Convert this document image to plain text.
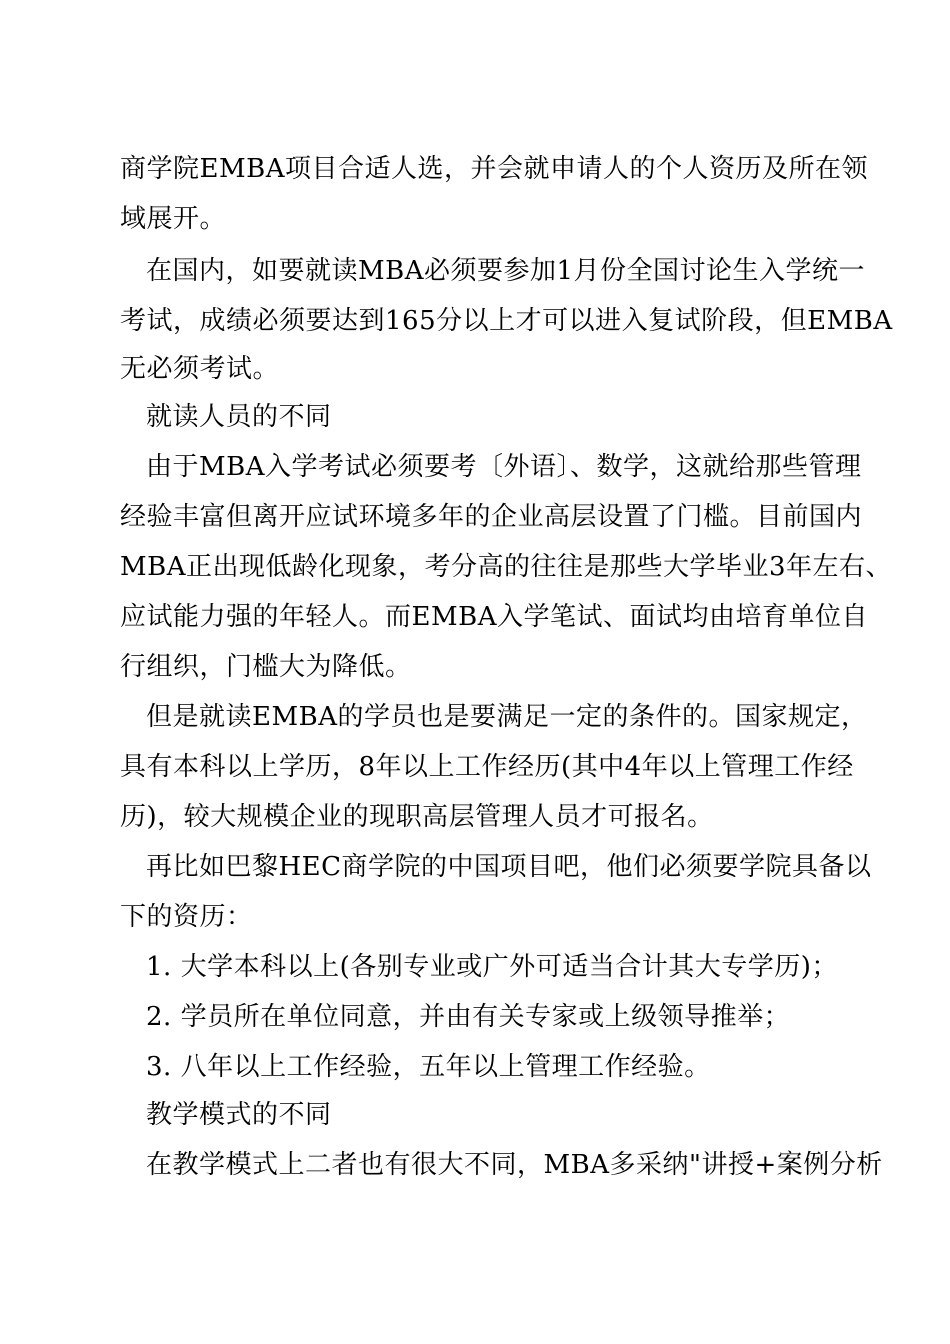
商学院EMBA项目合适人选，并会就申请人的个人资历及所在领
域展开。
在国内，如要就读MBA必须要参加1月份全国讨论生入学统一
考试，成绩必须要达到165分以上才可以进入复试阶段，但EMBA
无必须考试。
就读人员的不同
由于MBA入学考试必须要考〔外语〕、数学，这就给那些管理
经验丰富但离开应试环境多年的企业高层设置了门槛。目前国内
MBA正出现低龄化现象，考分高的往往是那些大学毕业3年左右、
应试能力强的年轻人。而EMBA入学笔试、面试均由培育单位自
行组织，门槛大为降低。
但是就读EMBA的学员也是要满足一定的条件的。国家规定，
具有本科以上学历，8年以上工作经历(其中4年以上管理工作经
历)，较大规模企业的现职高层管理人员才可报名。
再比如巴黎HEC商学院的中国项目吧，他们必须要学院具备以
下的资历：
1. 大学本科以上(各别专业或广外可适当合计其大专学历)；
2. 学员所在单位同意，并由有关专家或上级领导推举；
3. 八年以上工作经验，五年以上管理工作经验。
教学模式的不同
在教学模式上二者也有很大不同，MBA多采纳"讲授+案例分析
